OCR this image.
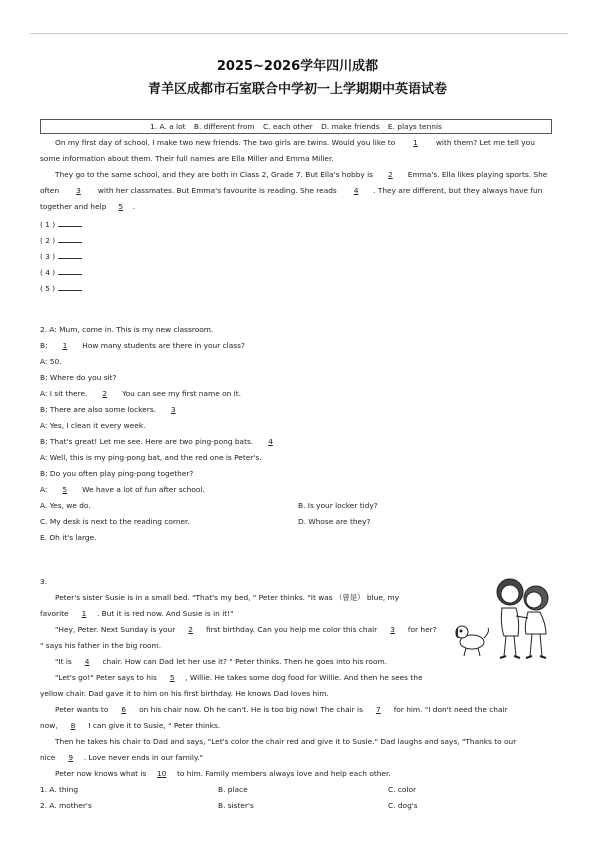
2025~2026学年四川成都
青羊区成都市石室联合中学初一上学期期中英语试卷
1. A. a lot B. different from C. each other D. make friends E. plays tennis
On my first day of school, I make two new friends. The two girls are twins. Would you like to 1 with them? Let me tell you
some information about them. Their full names are Ella Miller and Emma Miller.
They go to the same school, and they are both in Class 2, Grade 7. But Ella's hobby is 2 Emma's. Ella likes playing sports. She
often 3 with her classmates. But Emma's favourite is reading. She reads 4 . They are different, but they always have fun
together and help 5 .
( 1 )
( 2 )
( 3 )
( 4 )
( 5 )
2. A: Mum, come in. This is my new classroom.
B: 1 How many students are there in your class?
A: 50.
B: Where do you sit?
A: I sit there. 2 You can see my first name on it.
B: There are also some lockers. 3
A: Yes, I clean it every week.
B: That's great! Let me see. Here are two ping-pong bats. 4
A: Well, this is my ping-pong bat, and the red one is Peter's.
B: Do you often play ping-pong together?
A: 5 We have a lot of fun after school.
A. Yes, we do.	B. Is your locker tidy?
C. My desk is next to the reading corner.	D. Whose are they?
E. Oh it's large.
3.
Peter's sister Susie is in a small bed. "That's my bed, " Peter thinks. "It was （曾是） blue, my
favorite 1 . But it is red now. And Susie is in it!"
"Hey, Peter. Next Sunday is your 2 first birthday. Can you help me color this chair 3 for her?
" says his father in the big room.
"It is 4 chair. How can Dad let her use it? " Peter thinks. Then he goes into his room.
"Let's go!" Peter says to his 5 , Willie. He takes some dog food for Willie. And then he sees the
yellow chair. Dad gave it to him on his first birthday. He knows Dad loves him.
Peter wants to 6 on his chair now. Oh he can't. He is too big now! The chair is 7 for him. "I don't need the chair
now, 8 I can give it to Susie, " Peter thinks.
Then he takes his chair to Dad and says, "Let's color the chair red and give it to Susie." Dad laughs and says, "Thanks to our
nice 9 . Love never ends in our family."
Peter now knows what is 10 to him. Family members always love and help each other.
1. A. thing	B. place	C. color
2. A. mother's	B. sister's	C. dog's
